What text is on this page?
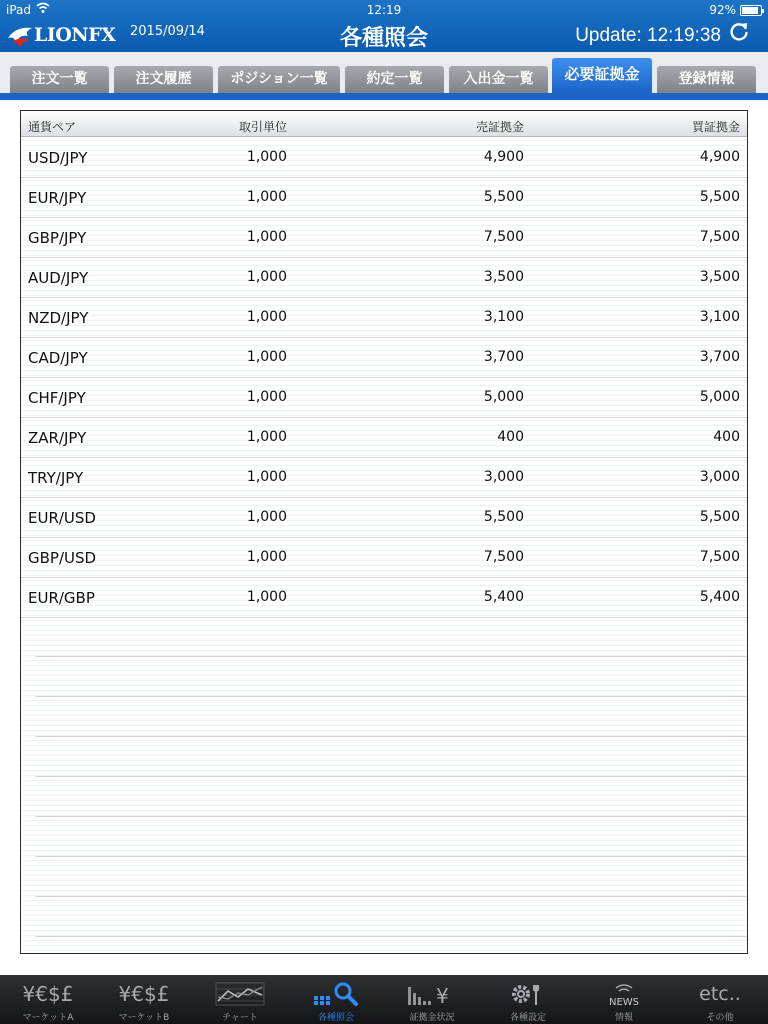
iPad	12:19	92%
LIONFX 2015/09/14	各種照会	Update: 12:19:38
注文一覧	注文履歴	ポジション一覧	約定一覧	入出金一覧	必要証拠金	登録情報
通貨ペア	取引単位	売証拠金	買証拠金
USD/JPY	1,000	4,900	4,900
EUR/JPY	1,000	5,500	5,500
GBP/JPY	1,000	7,500	7,500
AUD/JPY	1,000	3,500	3,500
NZD/JPY	1,000	3,100	3,100
CAD/JPY	1,000	3,700	3,700
CHF/JPY	1,000	5,000	5,000
ZAR/JPY	1,000	400	400
TRY/JPY	1,000	3,000	3,000
EUR/USD	1,000	5,500	5,500
GBP/USD	1,000	7,500	7,500
EUR/GBP	1,000	5,400	5,400
¥€$£
マーケットA
¥€$£
マーケットB	チャート	各種照会
¥
証拠金状況	各種設定
NEWS
情報
etc..
その他
